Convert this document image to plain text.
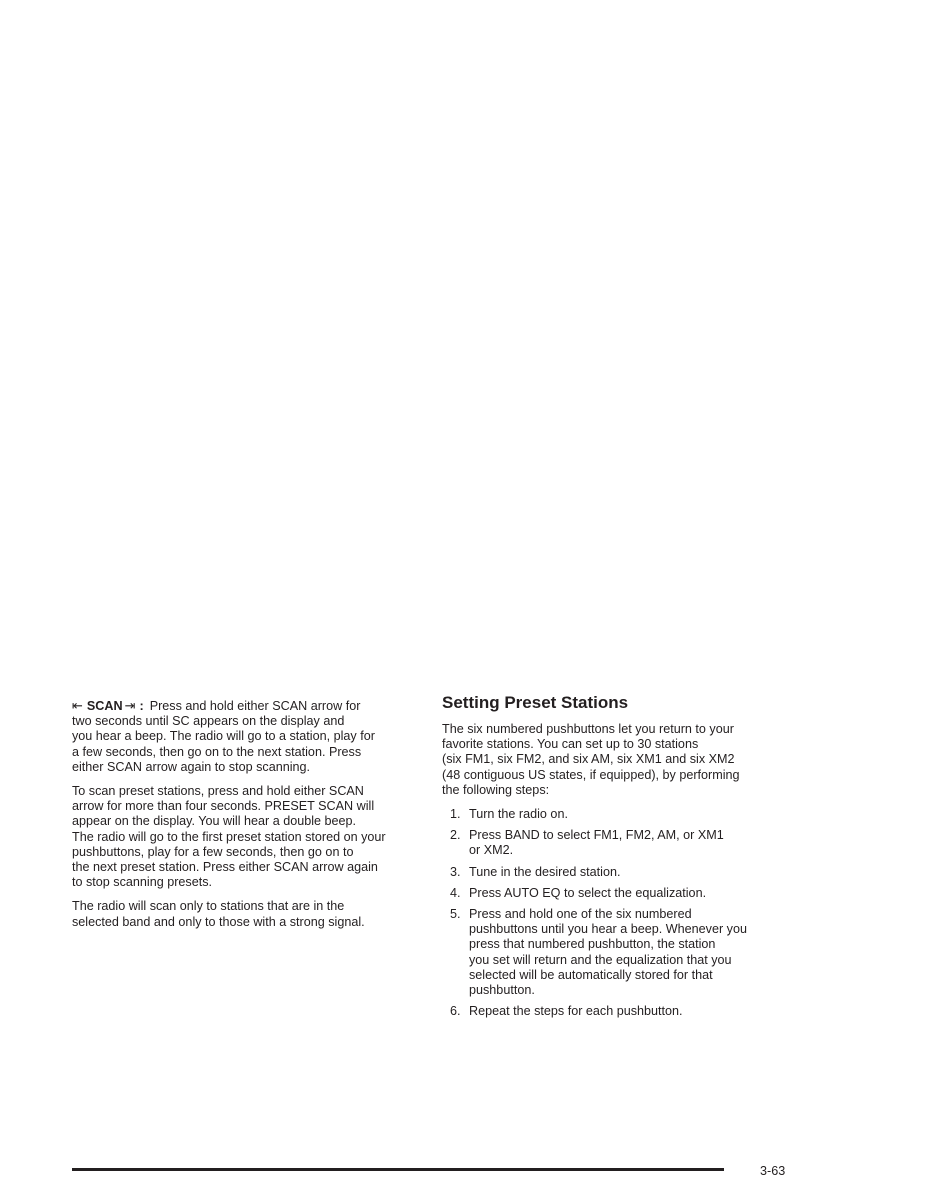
⇤ SCAN ⇥ : Press and hold either SCAN arrow for
two seconds until SC appears on the display and
you hear a beep. The radio will go to a station, play for
a few seconds, then go on to the next station. Press
either SCAN arrow again to stop scanning.

To scan preset stations, press and hold either SCAN
arrow for more than four seconds. PRESET SCAN will
appear on the display. You will hear a double beep.
The radio will go to the first preset station stored on your
pushbuttons, play for a few seconds, then go on to
the next preset station. Press either SCAN arrow again
to stop scanning presets.

The radio will scan only to stations that are in the
selected band and only to those with a strong signal.

Setting Preset Stations

The six numbered pushbuttons let you return to your
favorite stations. You can set up to 30 stations
(six FM1, six FM2, and six AM, six XM1 and six XM2
(48 contiguous US states, if equipped), by performing
the following steps:

1. Turn the radio on.
2. Press BAND to select FM1, FM2, AM, or XM1
or XM2.
3. Tune in the desired station.
4. Press AUTO EQ to select the equalization.
5. Press and hold one of the six numbered
pushbuttons until you hear a beep. Whenever you
press that numbered pushbutton, the station
you set will return and the equalization that you
selected will be automatically stored for that
pushbutton.
6. Repeat the steps for each pushbutton.
3-63
